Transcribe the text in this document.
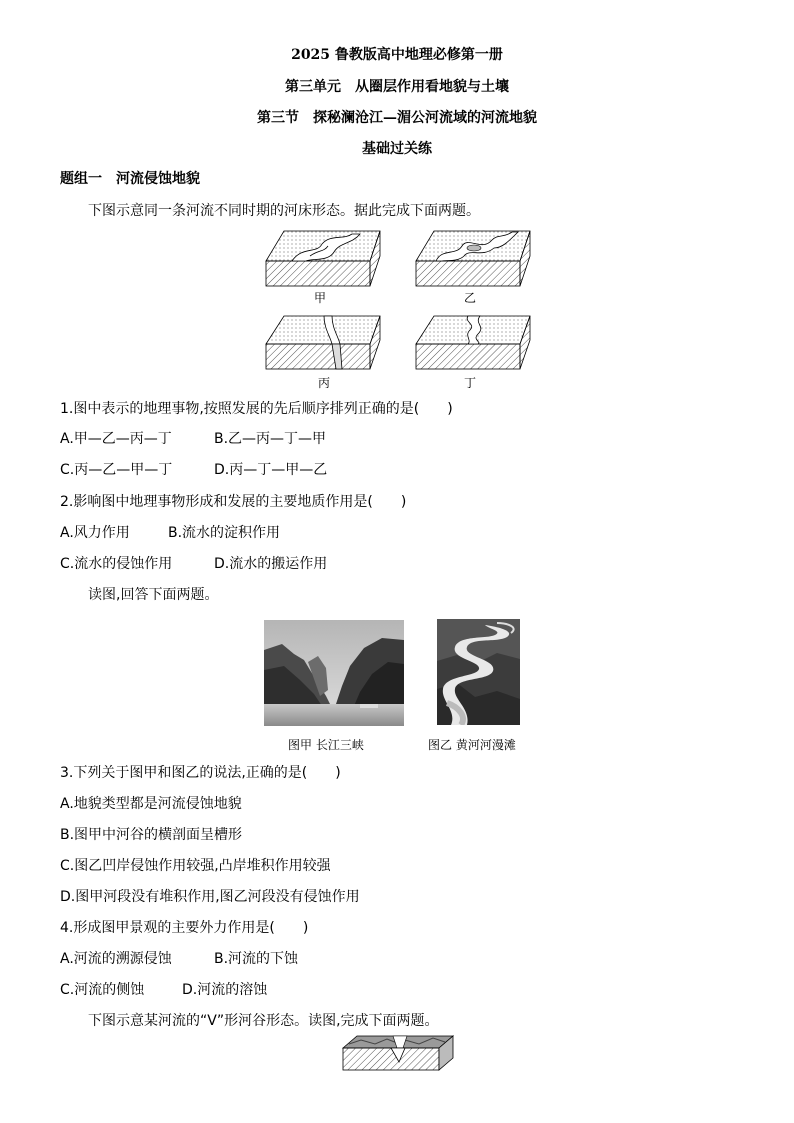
2025 鲁教版高中地理必修第一册
第三单元　从圈层作用看地貌与土壤
第三节　探秘澜沧江—湄公河流域的河流地貌
基础过关练
题组一　河流侵蚀地貌
下图示意同一条河流不同时期的河床形态。据此完成下面两题。
甲	乙
丙	丁
1.图中表示的地理事物,按照发展的先后顺序排列正确的是(　　)
A.甲—乙—丙—丁	B.乙—丙—丁—甲
C.丙—乙—甲—丁	D.丙—丁—甲—乙
2.影响图中地理事物形成和发展的主要地质作用是(　　)
A.风力作用	B.流水的淀积作用
C.流水的侵蚀作用	D.流水的搬运作用
读图,回答下面两题。
图甲 长江三峡	图乙 黄河河漫滩
3.下列关于图甲和图乙的说法,正确的是(　　)
A.地貌类型都是河流侵蚀地貌
B.图甲中河谷的横剖面呈槽形
C.图乙凹岸侵蚀作用较强,凸岸堆积作用较强
D.图甲河段没有堆积作用,图乙河段没有侵蚀作用
4.形成图甲景观的主要外力作用是(　　)
A.河流的溯源侵蚀	B.河流的下蚀
C.河流的侧蚀	D.河流的溶蚀
下图示意某河流的“V”形河谷形态。读图,完成下面两题。
